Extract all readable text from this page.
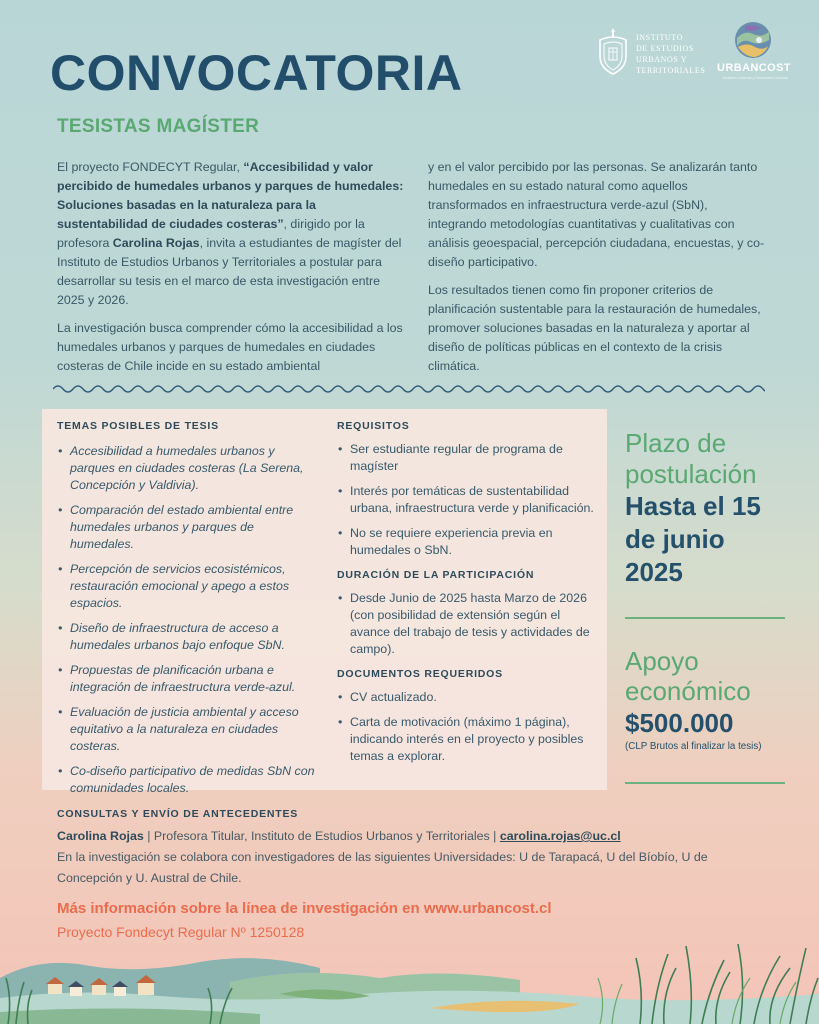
CONVOCATORIA
TESISTAS MAGÍSTER
INSTITUTO
DE ESTUDIOS
URBANOS Y
TERRITORIALES URBANCOST
Ciudades costeras y Humedales Urbanos

El proyecto FONDECYT Regular, “Accesibilidad y valor percibido de humedales urbanos y parques de humedales: Soluciones basadas en la naturaleza para la sustentabilidad de ciudades costeras”, dirigido por la profesora Carolina Rojas, invita a estudiantes de magíster del Instituto de Estudios Urbanos y Territoriales a postular para desarrollar su tesis en el marco de esta investigación entre 2025 y 2026.

La investigación busca comprender cómo la accesibilidad a los humedales urbanos y parques de humedales en ciudades costeras de Chile incide en su estado ambiental

y en el valor percibido por las personas. Se analizarán tanto humedales en su estado natural como aquellos transformados en infraestructura verde-azul (SbN), integrando metodologías cuantitativas y cualitativas con análisis geoespacial, percepción ciudadana, encuestas, y co-diseño participativo.

Los resultados tienen como fin proponer criterios de planificación sustentable para la restauración de humedales, promover soluciones basadas en la naturaleza y aportar al diseño de políticas públicas en el contexto de la crisis climática.

TEMAS POSIBLES DE TESIS
• Accesibilidad a humedales urbanos y parques en ciudades costeras (La Serena, Concepción y Valdivia).
• Comparación del estado ambiental entre humedales urbanos y parques de humedales.
• Percepción de servicios ecosistémicos, restauración emocional y apego a estos espacios.
• Diseño de infraestructura de acceso a humedales urbanos bajo enfoque SbN.
• Propuestas de planificación urbana e integración de infraestructura verde-azul.
• Evaluación de justicia ambiental y acceso equitativo a la naturaleza en ciudades costeras.
• Co-diseño participativo de medidas SbN con comunidades locales.
REQUISITOS
• Ser estudiante regular de programa de magíster
• Interés por temáticas de sustentabilidad urbana, infraestructura verde y planificación.
• No se requiere experiencia previa en humedales o SbN.
DURACIÓN DE LA PARTICIPACIÓN
• Desde Junio de 2025 hasta Marzo de 2026 (con posibilidad de extensión según el avance del trabajo de tesis y actividades de campo).
DOCUMENTOS REQUERIDOS
• CV actualizado.
• Carta de motivación (máximo 1 página), indicando interés en el proyecto y posibles temas a explorar.
Plazo de
postulación
Hasta el 15
de junio
2025
Apoyo
económico
$500.000
(CLP Brutos al finalizar la tesis)
CONSULTAS Y ENVÍO DE ANTECEDENTES
Carolina Rojas | Profesora Titular, Instituto de Estudios Urbanos y Territoriales | carolina.rojas@uc.cl
En la investigación se colabora con investigadores de las siguientes Universidades: U de Tarapacá, U del Bíobío, U de Concepción y U. Austral de Chile.
Más información sobre la línea de investigación en www.urbancost.cl
Proyecto Fondecyt Regular Nº 1250128
